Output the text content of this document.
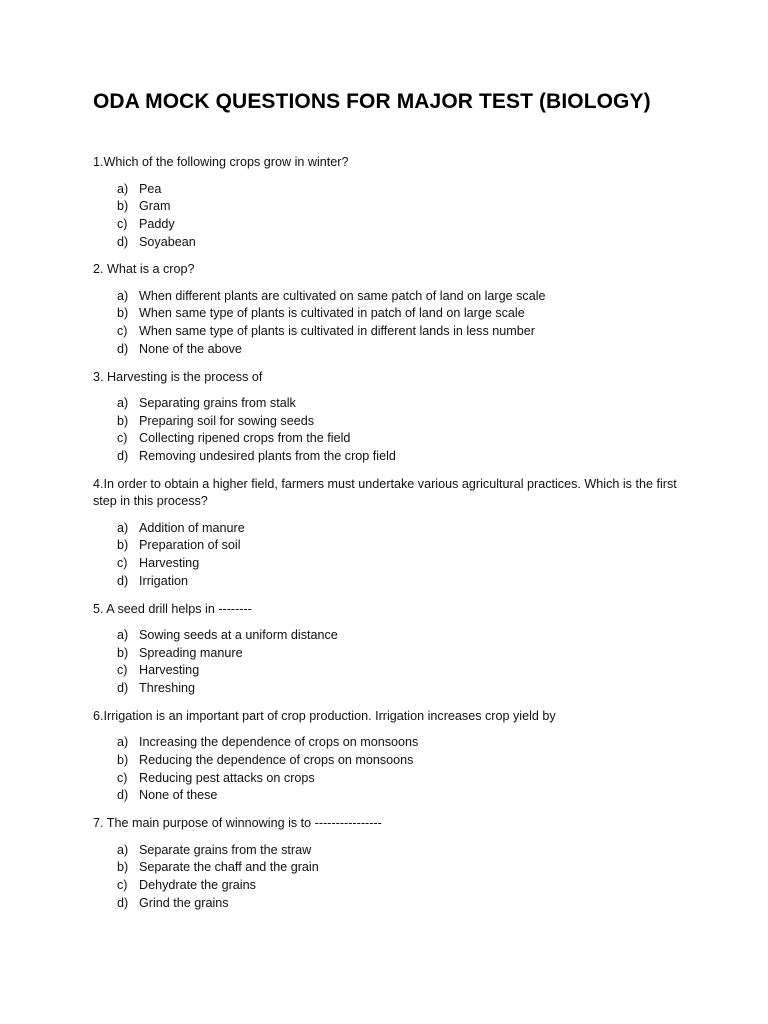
ODA MOCK QUESTIONS FOR MAJOR TEST (BIOLOGY)

1.Which of the following crops grow in winter?

a) Pea
b) Gram
c) Paddy
d) Soyabean

2. What is a crop?

a) When different plants are cultivated on same patch of land on large scale
b) When same type of plants is cultivated in patch of land on large scale
c) When same type of plants is cultivated in different lands in less number
d) None of the above

3. Harvesting is the process of

a) Separating grains from stalk
b) Preparing soil for sowing seeds
c) Collecting ripened crops from the field
d) Removing undesired plants from the crop field

4.In order to obtain a higher field, farmers must undertake various agricultural practices. Which is the first step in this process?

a) Addition of manure
b) Preparation of soil
c) Harvesting
d) Irrigation

5. A seed drill helps in --------

a) Sowing seeds at a uniform distance
b) Spreading manure
c) Harvesting
d) Threshing

6.Irrigation is an important part of crop production. Irrigation increases crop yield by

a) Increasing the dependence of crops on monsoons
b) Reducing the dependence of crops on monsoons
c) Reducing pest attacks on crops
d) None of these

7. The main purpose of winnowing is to ----------------

a) Separate grains from the straw
b) Separate the chaff and the grain
c) Dehydrate the grains
d) Grind the grains
